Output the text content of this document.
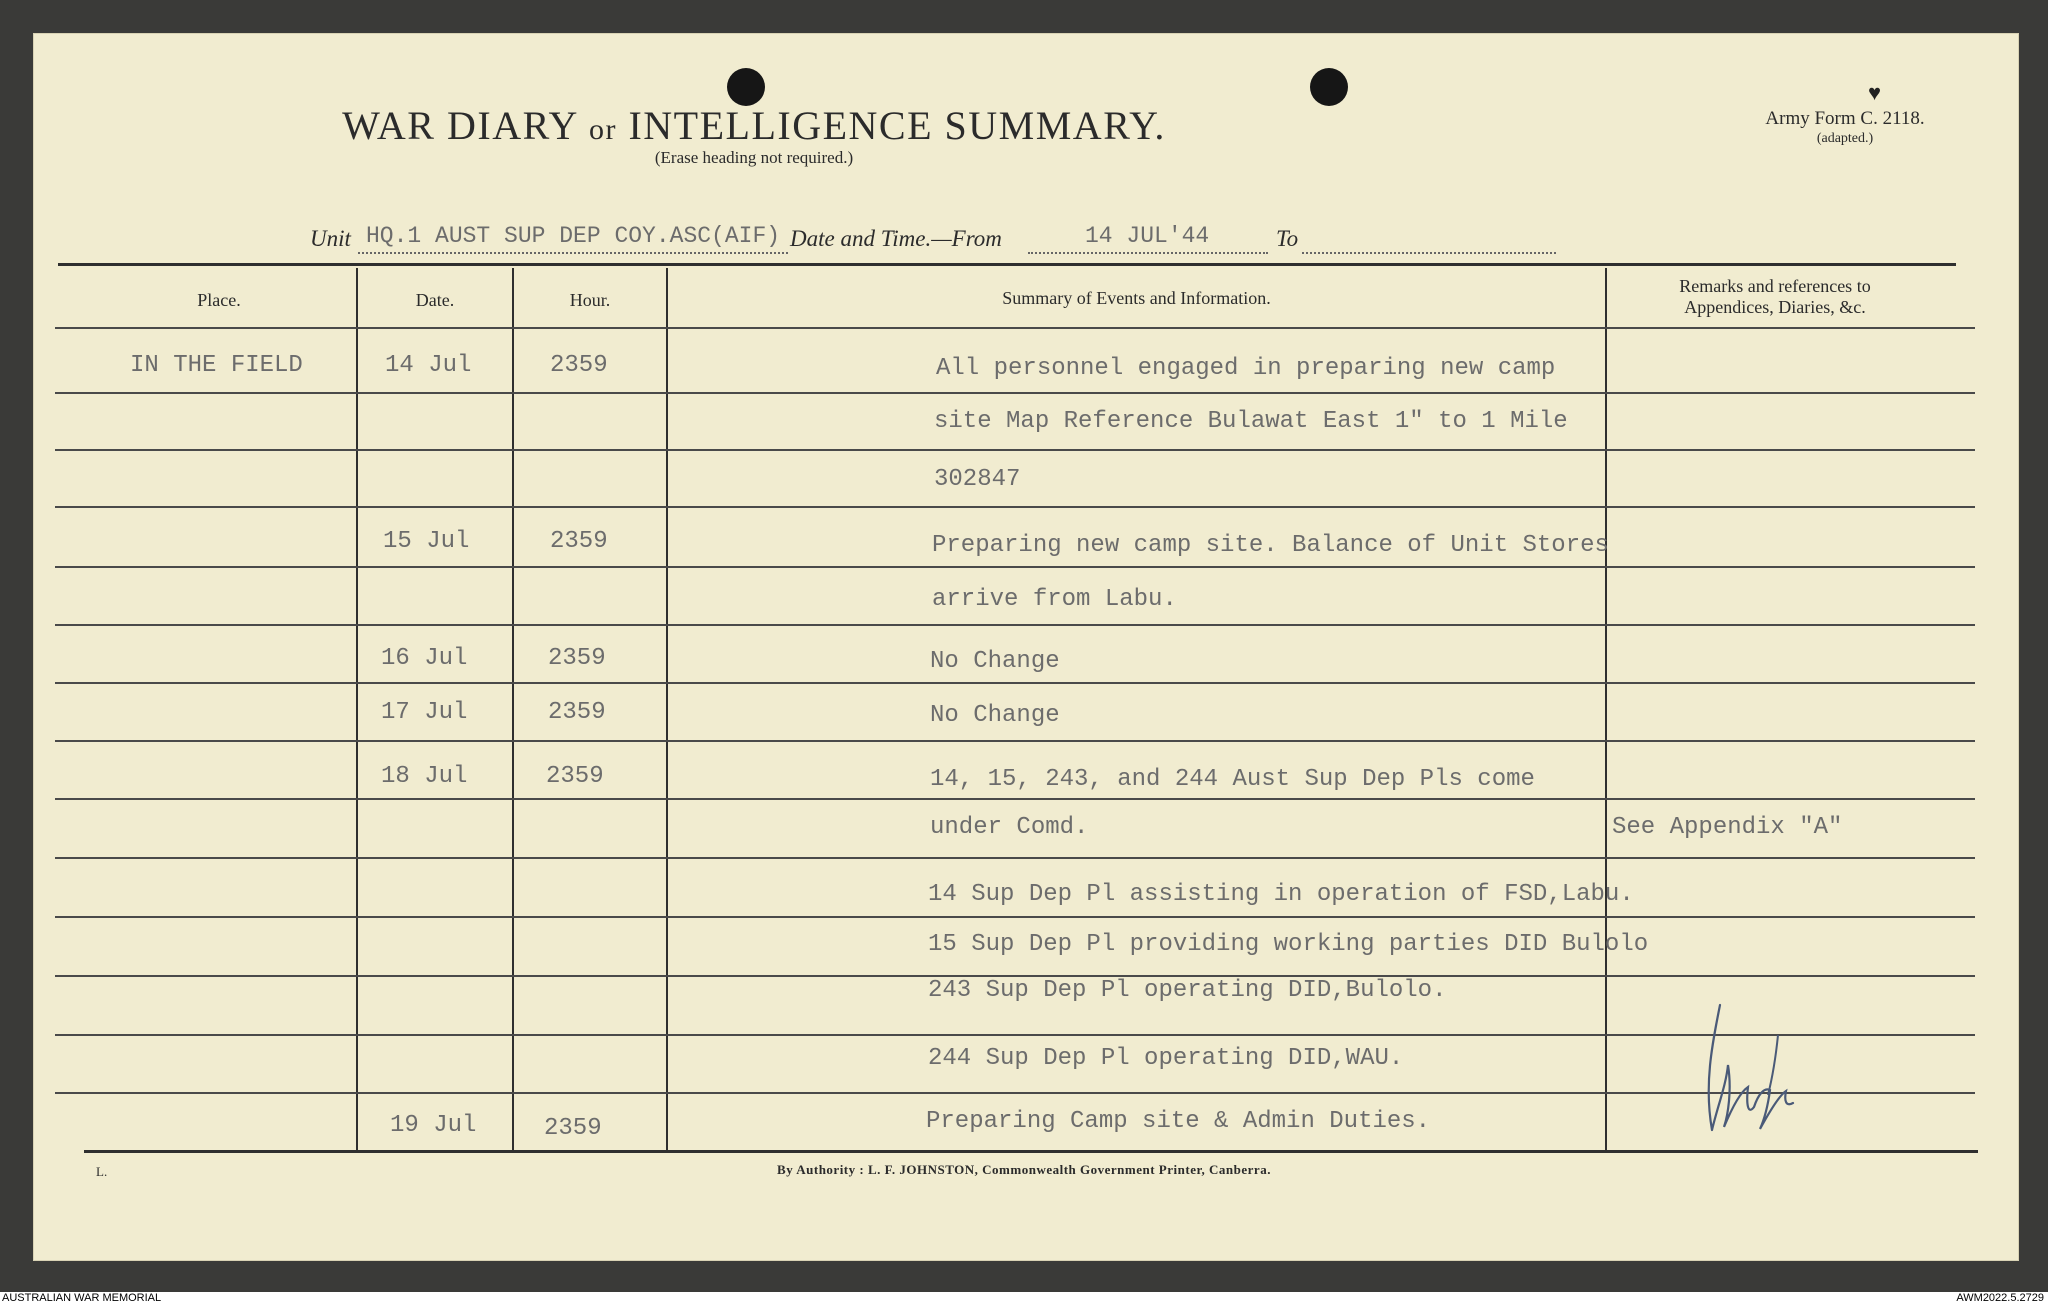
WAR DIARY or INTELLIGENCE SUMMARY.
(Erase heading not required.)
Army Form C. 2118.
(adapted.)
♥
Unit HQ.1 AUST SUP DEP COY.ASC(AIF) Date and Time.—From	14 JUL'44	To
Place.	Date.	Hour.	Summary of Events and Information.
Remarks and references to Appendices, Diaries, &c.
IN THE FIELD	14 Jul	2359	All personnel engaged in preparing new camp
site Map Reference Bulawat East 1" to 1 Mile
302847
15 Jul	2359	Preparing new camp site. Balance of Unit Stores
arrive from Labu.
16 Jul	2359	No Change
17 Jul	2359	No Change
18 Jul	2359	14, 15, 243, and 244 Aust Sup Dep Pls come
under Comd.	See Appendix "A"
14 Sup Dep Pl assisting in operation of FSD,Labu.
15 Sup Dep Pl providing working parties DID Bulolo
243 Sup Dep Pl operating DID,Bulolo.
244 Sup Dep Pl operating DID,WAU.
19 Jul	2359	Preparing Camp site & Admin Duties.
L.	By Authority : L. F. JOHNSTON, Commonwealth Government Printer, Canberra.
AUSTRALIAN WAR MEMORIAL	AWM2022.5.2729
